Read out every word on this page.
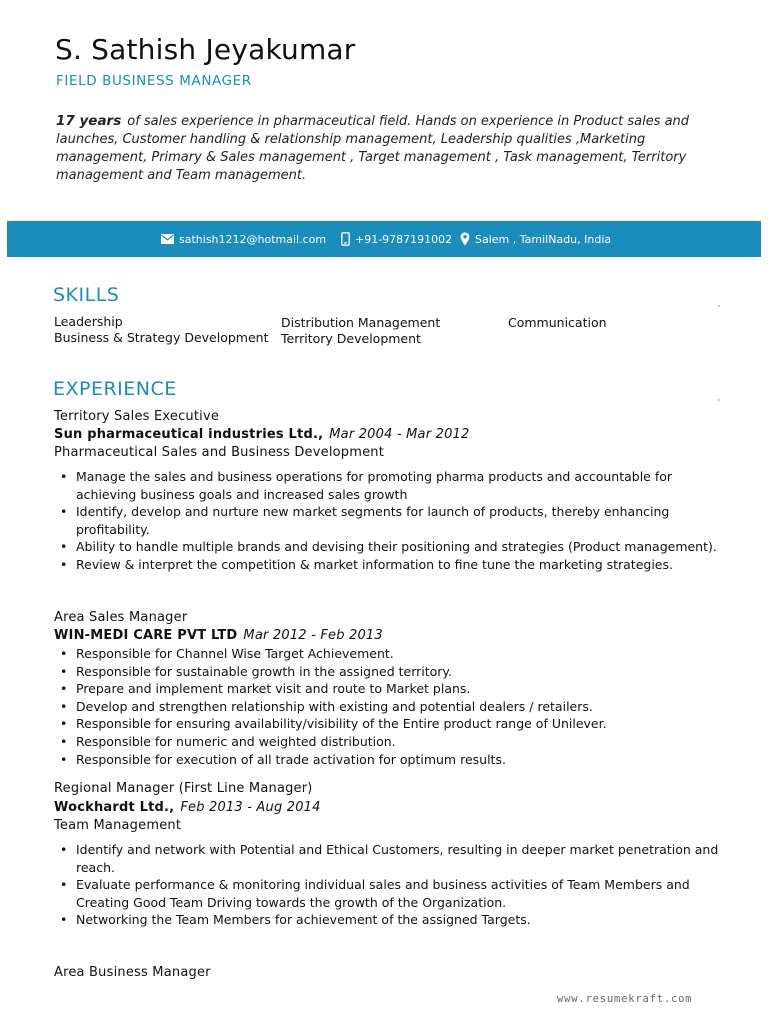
S. Sathish Jeyakumar
FIELD BUSINESS MANAGER
17 years of sales experience in pharmaceutical field. Hands on experience in Product sales and launches, Customer handling & relationship management, Leadership qualities ,Marketing management, Primary & Sales management , Target management , Task management, Territory management and Team management.
sathish1212@hotmail.com	+91-9787191002 Salem , TamilNadu, India
SKILLS
Leadership
Business & Strategy Development
Distribution Management
Territory Development
Communication
EXPERIENCE
Territory Sales Executive
Sun pharmaceutical industries Ltd., Mar 2004 - Mar 2012
Pharmaceutical Sales and Business Development
• Manage the sales and business operations for promoting pharma products and accountable for achieving business goals and increased sales growth
• Identify, develop and nurture new market segments for launch of products, thereby enhancing profitability.
• Ability to handle multiple brands and devising their positioning and strategies (Product management).
• Review & interpret the competition & market information to fine tune the marketing strategies.
Area Sales Manager
WIN-MEDI CARE PVT LTD Mar 2012 - Feb 2013
• Responsible for Channel Wise Target Achievement.
• Responsible for sustainable growth in the assigned territory.
• Prepare and implement market visit and route to Market plans.
• Develop and strengthen relationship with existing and potential dealers / retailers.
• Responsible for ensuring availability/visibility of the Entire product range of Unilever.
• Responsible for numeric and weighted distribution.
• Responsible for execution of all trade activation for optimum results.
Regional Manager (First Line Manager)
Wockhardt Ltd., Feb 2013 - Aug 2014
Team Management
• Identify and network with Potential and Ethical Customers, resulting in deeper market penetration and reach.
• Evaluate performance & monitoring individual sales and business activities of Team Members and Creating Good Team Driving towards the growth of the Organization.
• Networking the Team Members for achievement of the assigned Targets.
Area Business Manager
www.resumekraft.com
